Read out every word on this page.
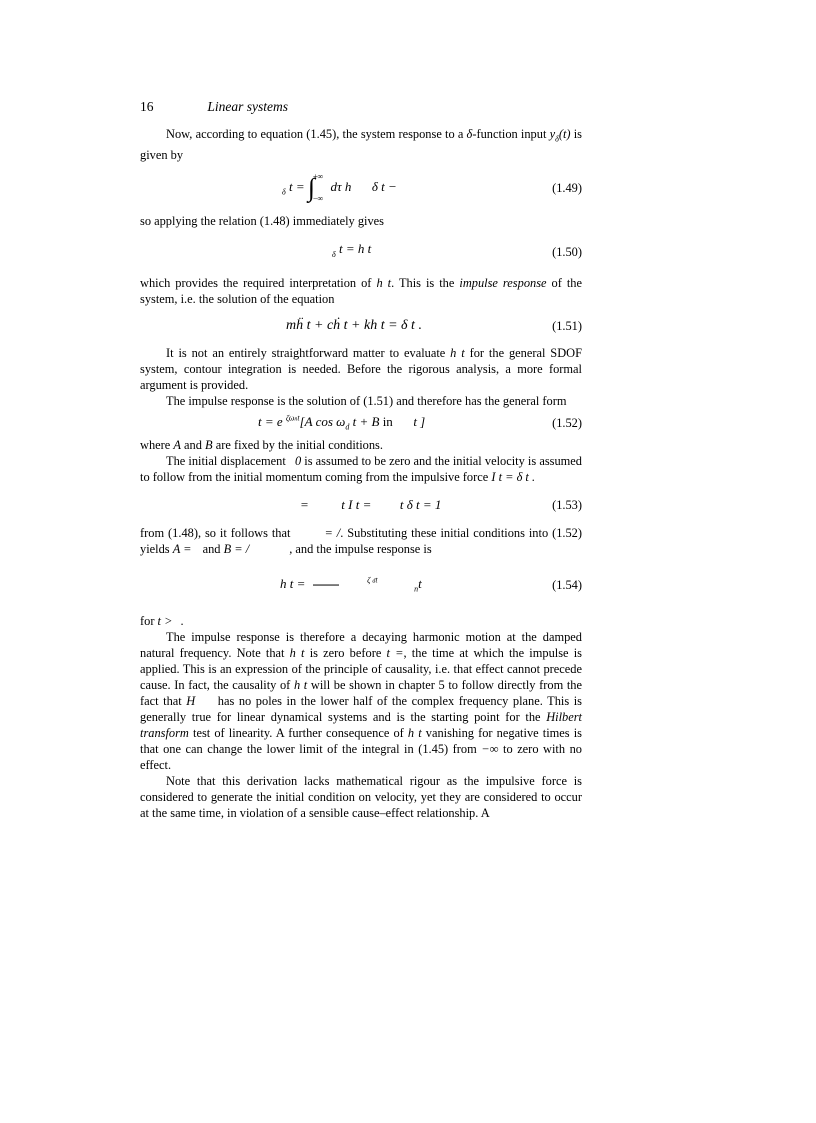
16	Linear systems

Now, according to equation (1.45), the system response to a δ-function input $y_\delta(t)$ is given by

$_\delta$ t = ∫
+∞
−∞
dτ h δ t −	(1.49)

so applying the relation (1.48) immediately gives

$_\delta$ t = h t	(1.50)

which provides the required interpretation of h t. This is the impulse response of the system, i.e. the solution of the equation

mḧ t + cḣ t + kh t = δ t .	(1.51)

It is not an entirely straightforward matter to evaluate h t for the general SDOF system, contour integration is needed. Before the rigorous analysis, a more formal argument is provided.

The impulse response is the solution of (1.51) and therefore has the general form

t = e $^{\zeta\omega nt}$[A $\cos \omega_d$ t + B in t ]	(1.52)

where A and B are fixed by the initial conditions.

The initial displacement 0 is assumed to be zero and the initial velocity is assumed to follow from the initial momentum coming from the impulsive force I t = δ t .

=	t I t = t δ t = 1	(1.53)

from (1.48), so it follows that	= /. Substituting these initial conditions into (1.52) yields A = and B = /	, and the impulse response is

h t =	$^{\zeta dt}$  $_n$t	(1.54)

for t > .

The impulse response is therefore a decaying harmonic motion at the damped natural frequency. Note that h t is zero before t =, the time at which the impulse is applied. This is an expression of the principle of causality, i.e. that effect cannot precede cause. In fact, the causality of h t will be shown in chapter 5 to follow directly from the fact that H has no poles in the lower half of the complex frequency plane. This is generally true for linear dynamical systems and is the starting point for the Hilbert transform test of linearity. A further consequence of h t vanishing for negative times is that one can change the lower limit of the integral in (1.45) from −∞ to zero with no effect.

Note that this derivation lacks mathematical rigour as the impulsive force is considered to generate the initial condition on velocity, yet they are considered to occur at the same time, in violation of a sensible cause–effect relationship. A
